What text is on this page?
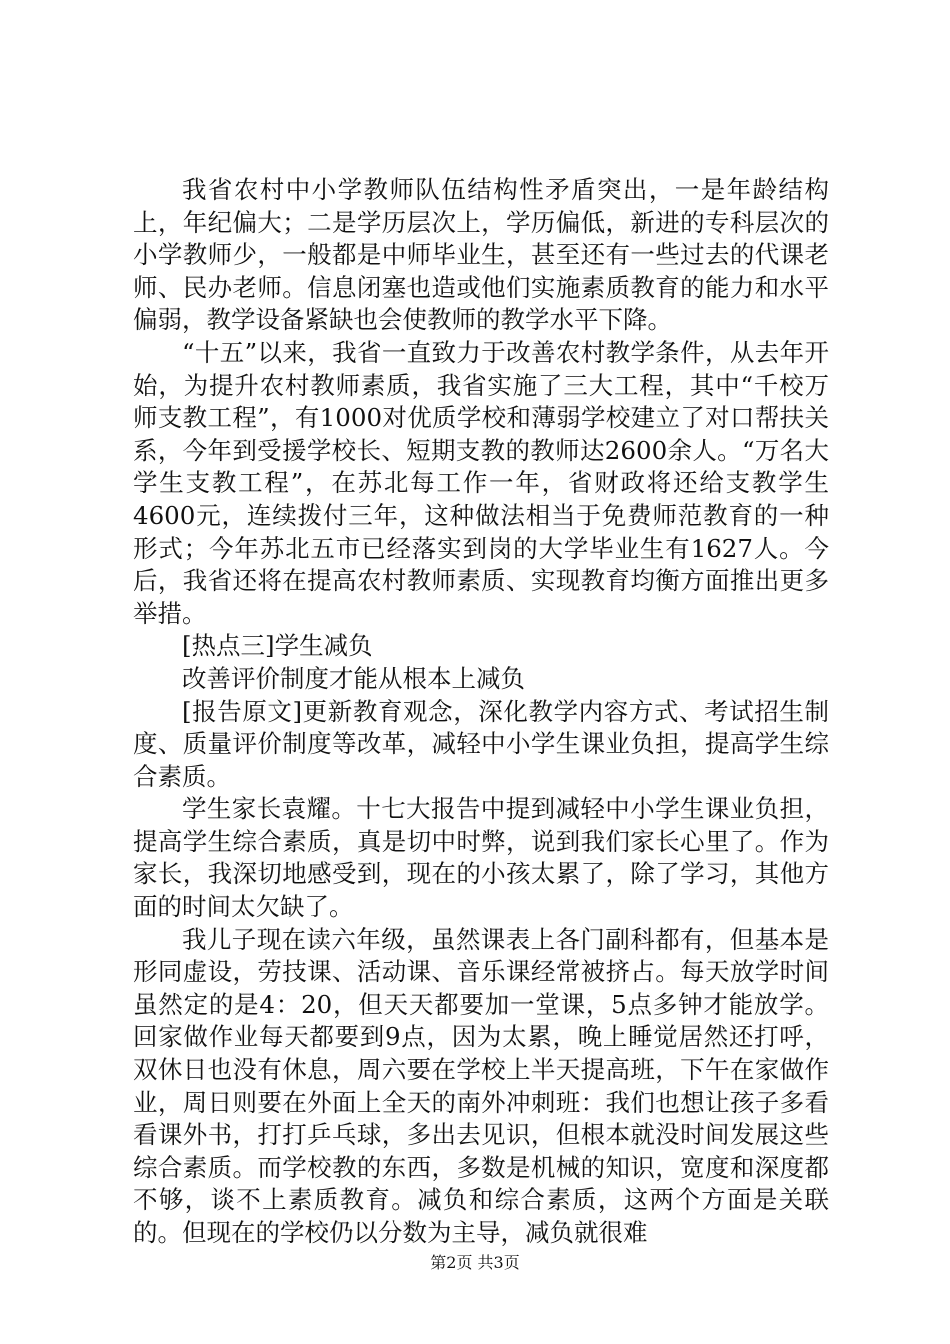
我省农村中小学教师队伍结构性矛盾突出，一是年龄结构上，年纪偏大；二是学历层次上，学历偏低，新进的专科层次的小学教师少，一般都是中师毕业生，甚至还有一些过去的代课老师、民办老师。信息闭塞也造或他们实施素质教育的能力和水平偏弱，教学设备紧缺也会使教师的教学水平下降。

“十五”以来，我省一直致力于改善农村教学条件，从去年开始，为提升农村教师素质，我省实施了三大工程，其中“千校万师支教工程”，有1000对优质学校和薄弱学校建立了对口帮扶关系，今年到受援学校长、短期支教的教师达2600余人。“万名大学生支教工程”，在苏北每工作一年，省财政将还给支教学生4600元，连续拨付三年，这种做法相当于免费师范教育的一种形式；今年苏北五市已经落实到岗的大学毕业生有1627人。今后，我省还将在提高农村教师素质、实现教育均衡方面推出更多举措。

[热点三]学生减负

改善评价制度才能从根本上减负

[报告原文]更新教育观念，深化教学内容方式、考试招生制度、质量评价制度等改革，减轻中小学生课业负担，提高学生综合素质。

学生家长袁耀。十七大报告中提到减轻中小学生课业负担，提高学生综合素质，真是切中时弊，说到我们家长心里了。作为家长，我深切地感受到，现在的小孩太累了，除了学习，其他方面的时间太欠缺了。

我儿子现在读六年级，虽然课表上各门副科都有，但基本是形同虚设，劳技课、活动课、音乐课经常被挤占。每天放学时间虽然定的是4：20，但天天都要加一堂课，5点多钟才能放学。回家做作业每天都要到9点，因为太累，晚上睡觉居然还打呼，双休日也没有休息，周六要在学校上半天提高班，下午在家做作业，周日则要在外面上全天的南外冲刺班：我们也想让孩子多看看课外书，打打乒乓球，多出去见识，但根本就没时间发展这些综合素质。而学校教的东西，多数是机械的知识，宽度和深度都不够，谈不上素质教育。减负和综合素质，这两个方面是关联的。但现在的学校仍以分数为主导，减负就很难

第2页 共3页
